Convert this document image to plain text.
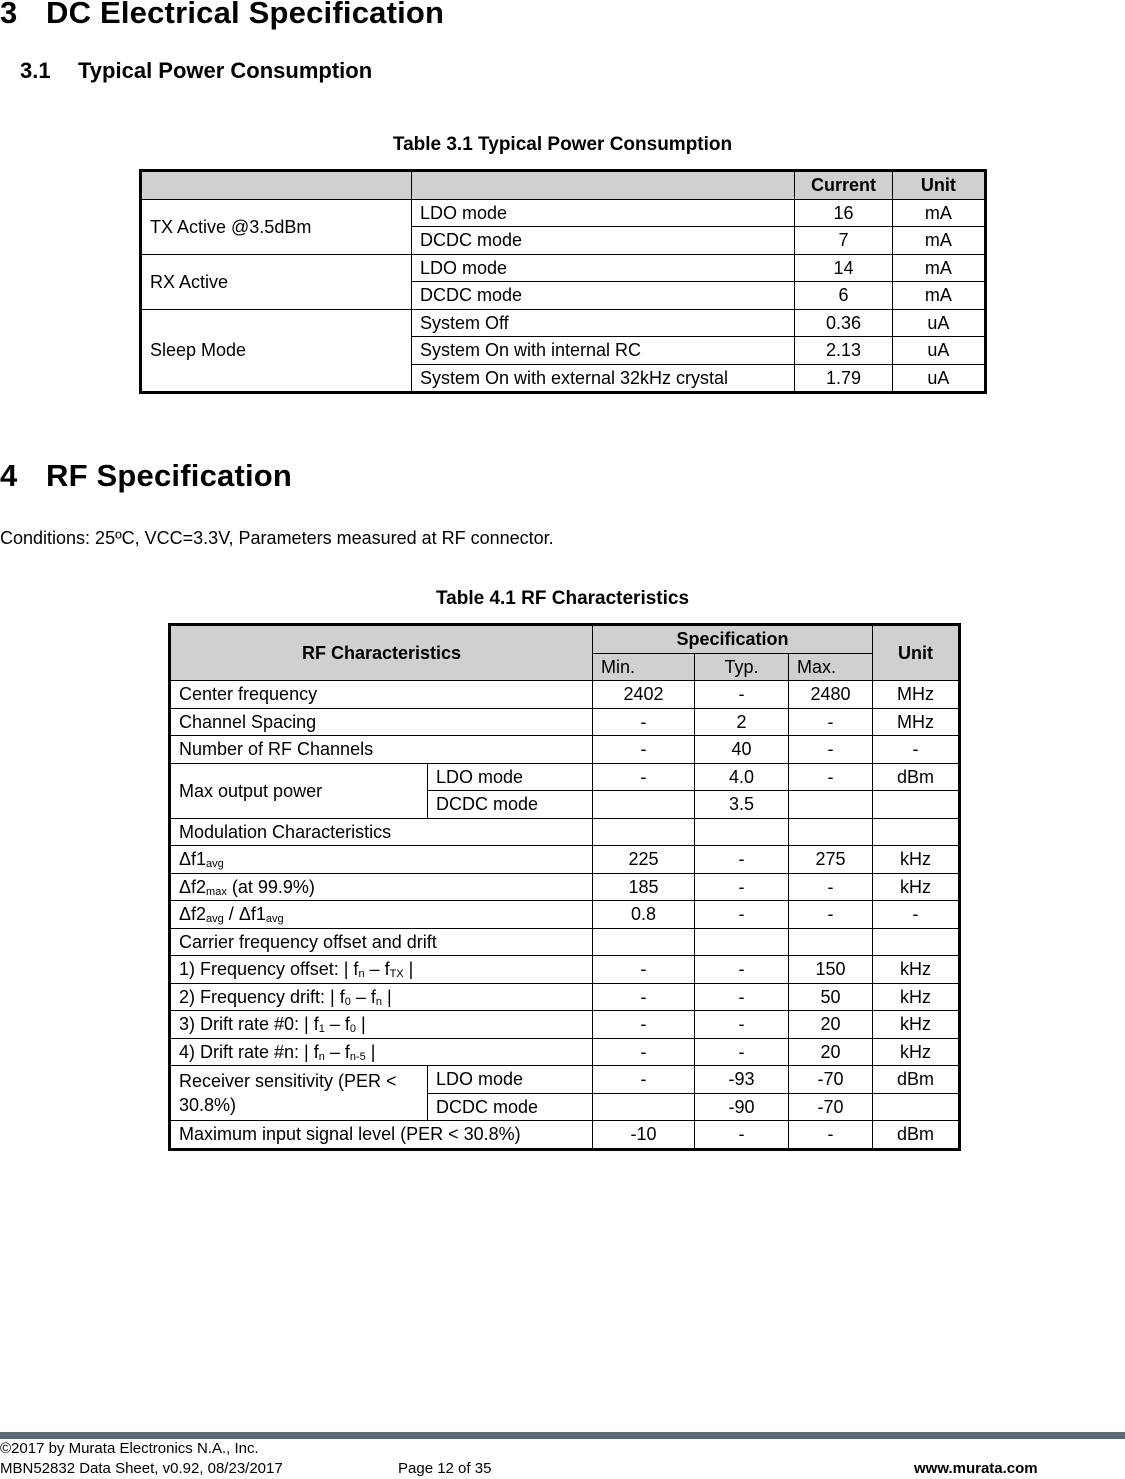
3 DC Electrical Specification
3.1 Typical Power Consumption
Table 3.1 Typical Power Consumption
		Current	Unit
TX Active @3.5dBm	LDO mode	16	mA
	DCDC mode	7	mA
RX Active	LDO mode	14	mA
	DCDC mode	6	mA
Sleep Mode	System Off	0.36	uA
	System On with internal RC	2.13	uA
	System On with external 32kHz crystal	1.79	uA
4 RF Specification
Conditions: 25ºC, VCC=3.3V, Parameters measured at RF connector.
Table 4.1 RF Characteristics
RF Characteristics		Specification			Unit
		Min.	Typ.	Max.	
Center frequency		2402	-	2480	MHz
Channel Spacing		-	2	-	MHz
Number of RF Channels		-	40	-	-
Max output power	LDO mode	-	4.0	-	dBm
	DCDC mode		3.5		
Modulation Characteristics					
$\Delta f1_{avg}$		225	-	275	kHz
$\Delta f2_{max}$ (at 99.9%)		185	-	-	kHz
$\Delta f2_{avg} / \Delta f1_{avg}$		0.8	-	-	-
Carrier frequency offset and drift					
1) Frequency offset: | $f_n - f_{TX}$ |		-	-	150	kHz
2) Frequency drift: | $f_0 - f_n$ |		-	-	50	kHz
3) Drift rate #0: | $f_1 - f_0$ |		-	-	20	kHz
4) Drift rate #n: | $f_n - f_{n-5}$ |		-	-	20	kHz
Receiver sensitivity (PER < 30.8%)	LDO mode	-	-93	-70	dBm
	DCDC mode		-90	-70	
Maximum input signal level (PER < 30.8%)		-10	-	-	dBm
©2017 by Murata Electronics N.A., Inc.
MBN52832 Data Sheet, v0.92, 08/23/2017	Page 12 of 35	www.murata.com
